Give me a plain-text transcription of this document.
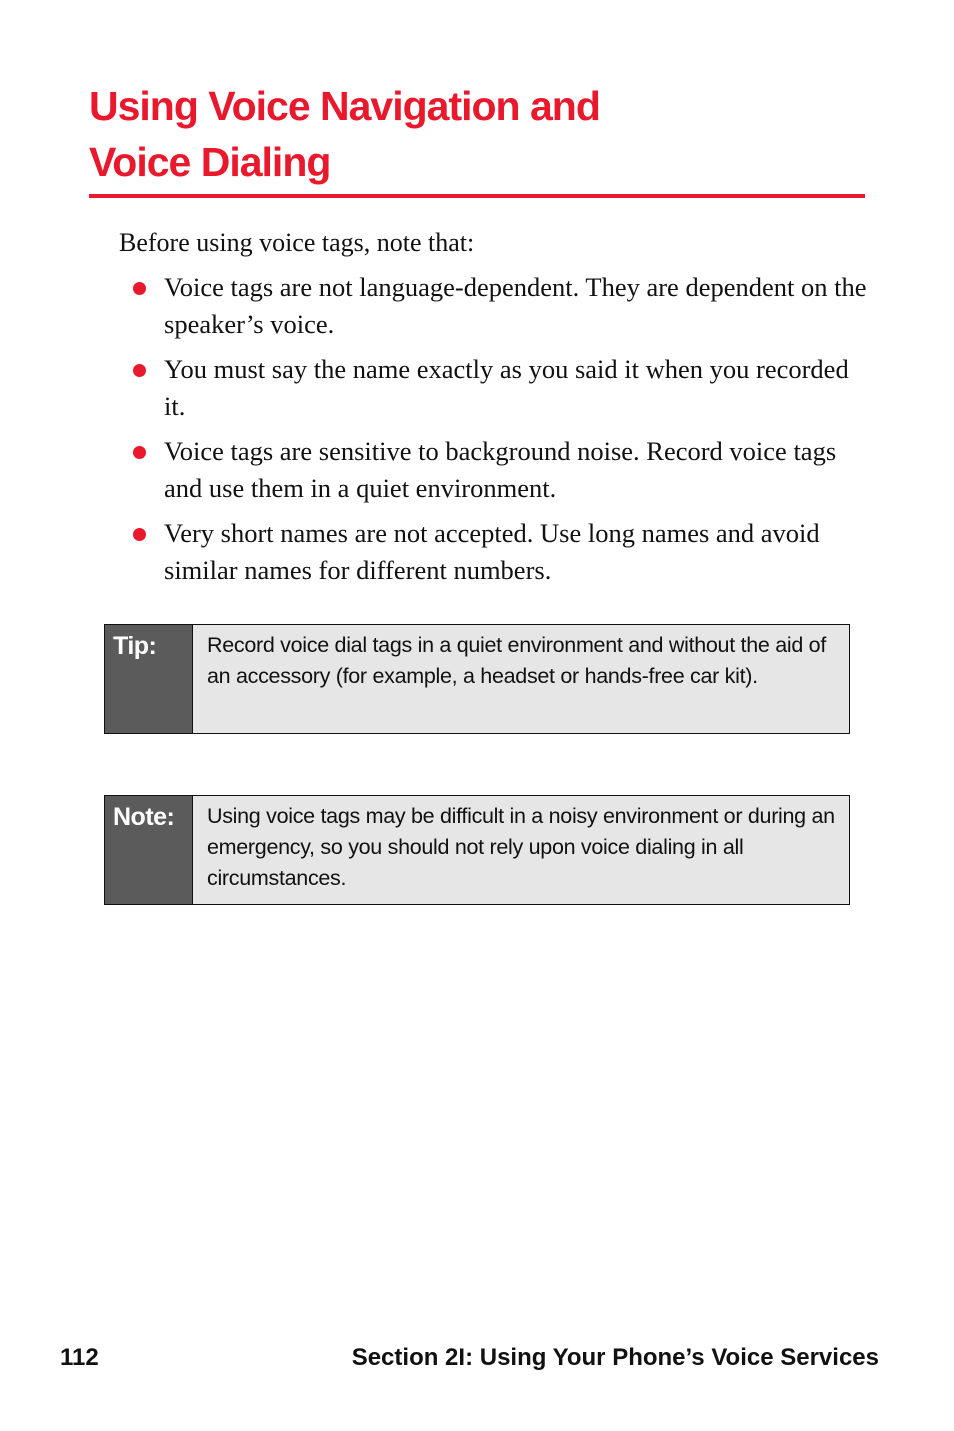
Using Voice Navigation and
Voice Dialing

Before using voice tags, note that:

Voice tags are not language-dependent. They are dependent on the speaker’s voice.
You must say the name exactly as you said it when you recorded it.
Voice tags are sensitive to background noise. Record voice tags and use them in a quiet environment.
Very short names are not accepted. Use long names and avoid similar names for different numbers.
Tip:	Record voice dial tags in a quiet environment and without the aid of an accessory (for example, a headset or hands-free car kit).
Note:	Using voice tags may be difficult in a noisy environment or during an emergency, so you should not rely upon voice dialing in all circumstances.
112	Section 2I: Using Your Phone’s Voice Services
